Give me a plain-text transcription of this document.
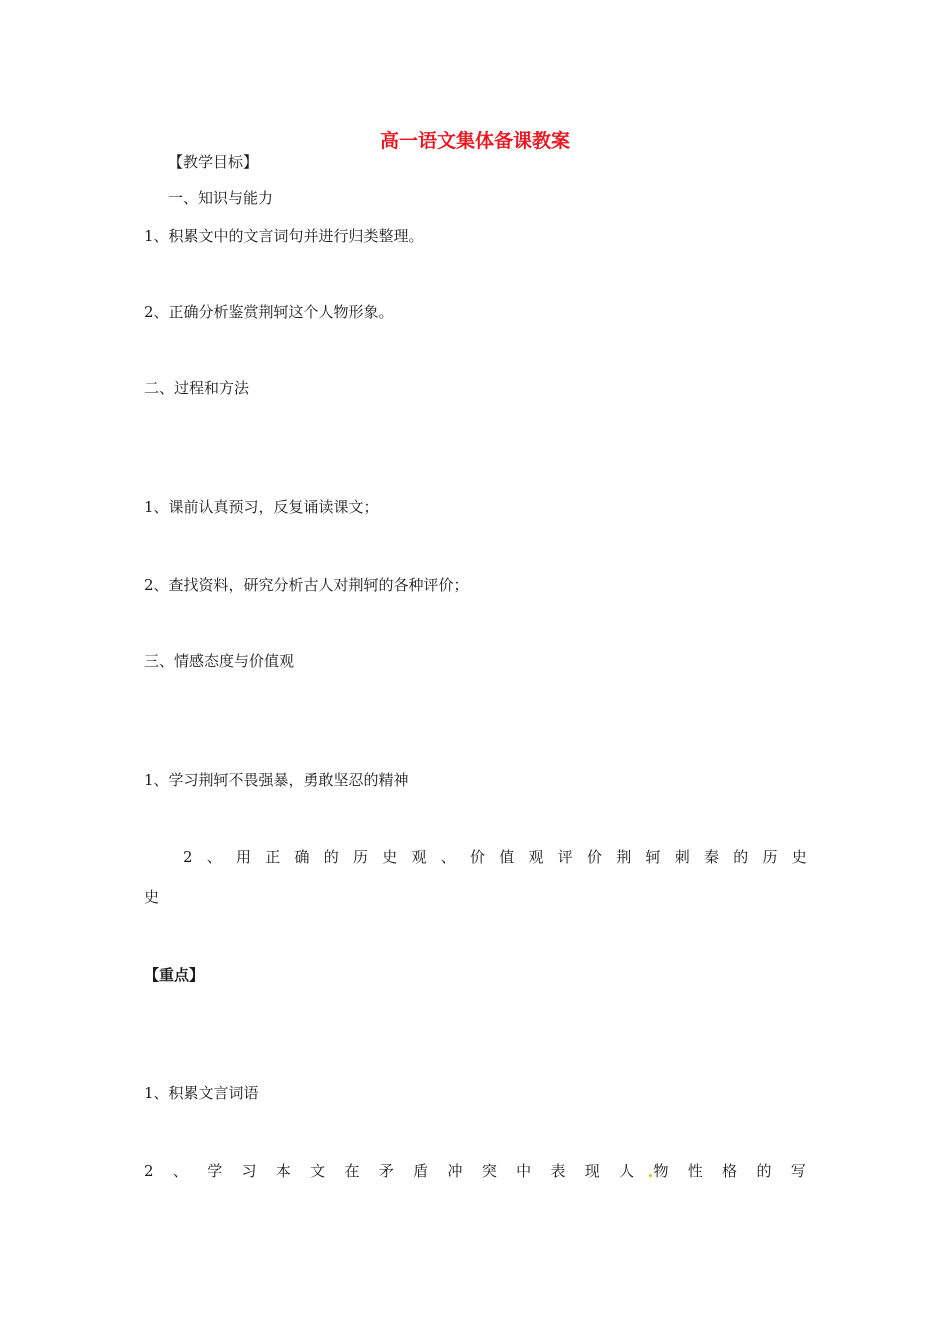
高一语文集体备课教案
【教学目标】
一、知识与能力
1、积累文中的文言词句并进行归类整理。
2、正确分析鉴赏荆轲这个人物形象。
二、过程和方法
1、课前认真预习，反复诵读课文；
2、查找资料，研究分析古人对荆轲的各种评价；
三、情感态度与价值观
1、学习荆轲不畏强暴，勇敢坚忍的精神
2 、 用 正 确 的 历 史 观 、 价 值 观 评 价 荆 轲 刺 秦 的 历 史
史
【重点】
1、积累文言词语
2 、 学 习 本 文 在 矛 盾 冲 突 中 表 现 人 物 性 格 的 写
